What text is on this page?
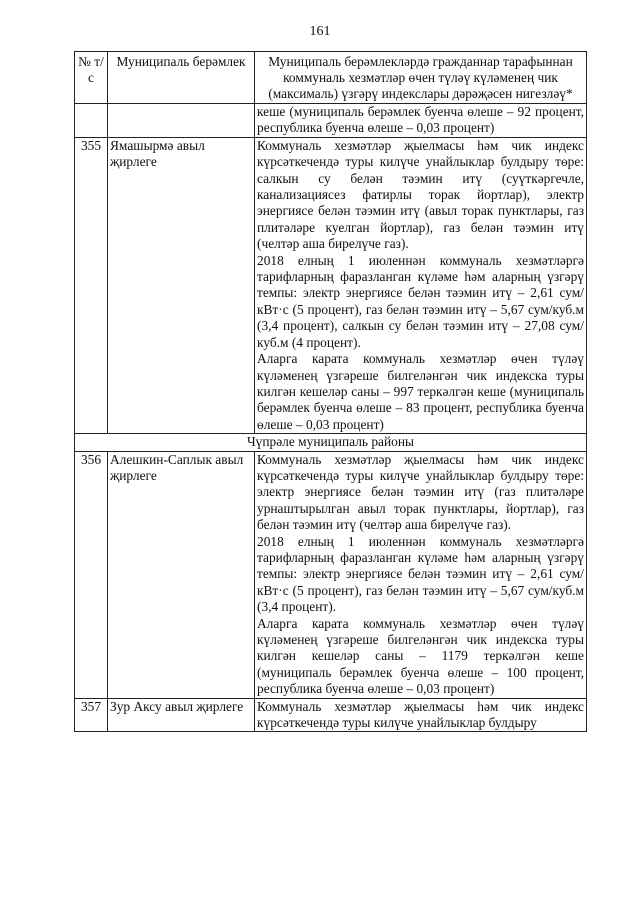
161
№ т/с	Муниципаль берәмлек	Муниципаль берәмлекләрдә гражданнар тарафыннан коммуналь хезмәтләр өчен түләү күләменең чик (максималь) үзгәрү индекслары дәрәҗәсен нигезләү*
		кеше (муниципаль берәмлек буенча өлеше – 92 процент, республика буенча өлеше – 0,03 процент)
355	Ямашырмә авыл җирлеге	Коммуналь хезмәтләр җыелмасы һәм чик индекс күрсәткечендә туры килүче унайлыклар булдыру төре: салкын су белән тәэмин итү (суүткәргечле, канализациясез фатирлы торак йортлар), электр энергиясе белән тәэмин итү (авыл торак пунктлары, газ плитәләре куелган йортлар), газ белән тәэмин итү (челтәр аша бирелүче газ).

2018 елның 1 июленнән коммуналь хезмәтләргә тарифларның фаразланган күләме һәм аларның үзгәрү темпы: электр энергиясе белән тәэмин итү – 2,61 сум/кВт·с (5 процент), газ белән тәэмин итү – 5,67 сум/куб.м (3,4 процент), салкын су белән тәэмин итү – 27,08 сум/куб.м (4 процент).

Аларга карата коммуналь хезмәтләр өчен түләү күләменең үзгәреше билгеләнгән чик индекска туры килгән кешеләр саны – 997 теркәлгән кеше (муниципаль берәмлек буенча өлеше – 83 процент, республика буенча өлеше – 0,03 процент)

Чүпрәле муниципаль районы		
356	Алешкин-Саплык авыл җирлеге	Коммуналь хезмәтләр җыелмасы һәм чик индекс күрсәткечендә туры килүче унайлыклар булдыру төре: электр энергиясе белән тәэмин итү (газ плитәләре урнаштырылган авыл торак пунктлары, йортлар), газ белән тәэмин итү (челтәр аша бирелүче газ).

2018 елның 1 июленнән коммуналь хезмәтләргә тарифларның фаразланган күләме һәм аларның үзгәрү темпы: электр энергиясе белән тәэмин итү – 2,61 сум/кВт·с (5 процент), газ белән тәэмин итү – 5,67 сум/куб.м (3,4 процент).

Аларга карата коммуналь хезмәтләр өчен түләү күләменең үзгәреше билгеләнгән чик индекска туры килгән кешеләр саны – 1179 теркәлгән кеше (муниципаль берәмлек буенча өлеше – 100 процент, республика буенча өлеше – 0,03 процент)

357	Зур Аксу авыл җирлеге	Коммуналь хезмәтләр җыелмасы һәм чик индекс күрсәткечендә туры килүче унайлыклар булдыру
